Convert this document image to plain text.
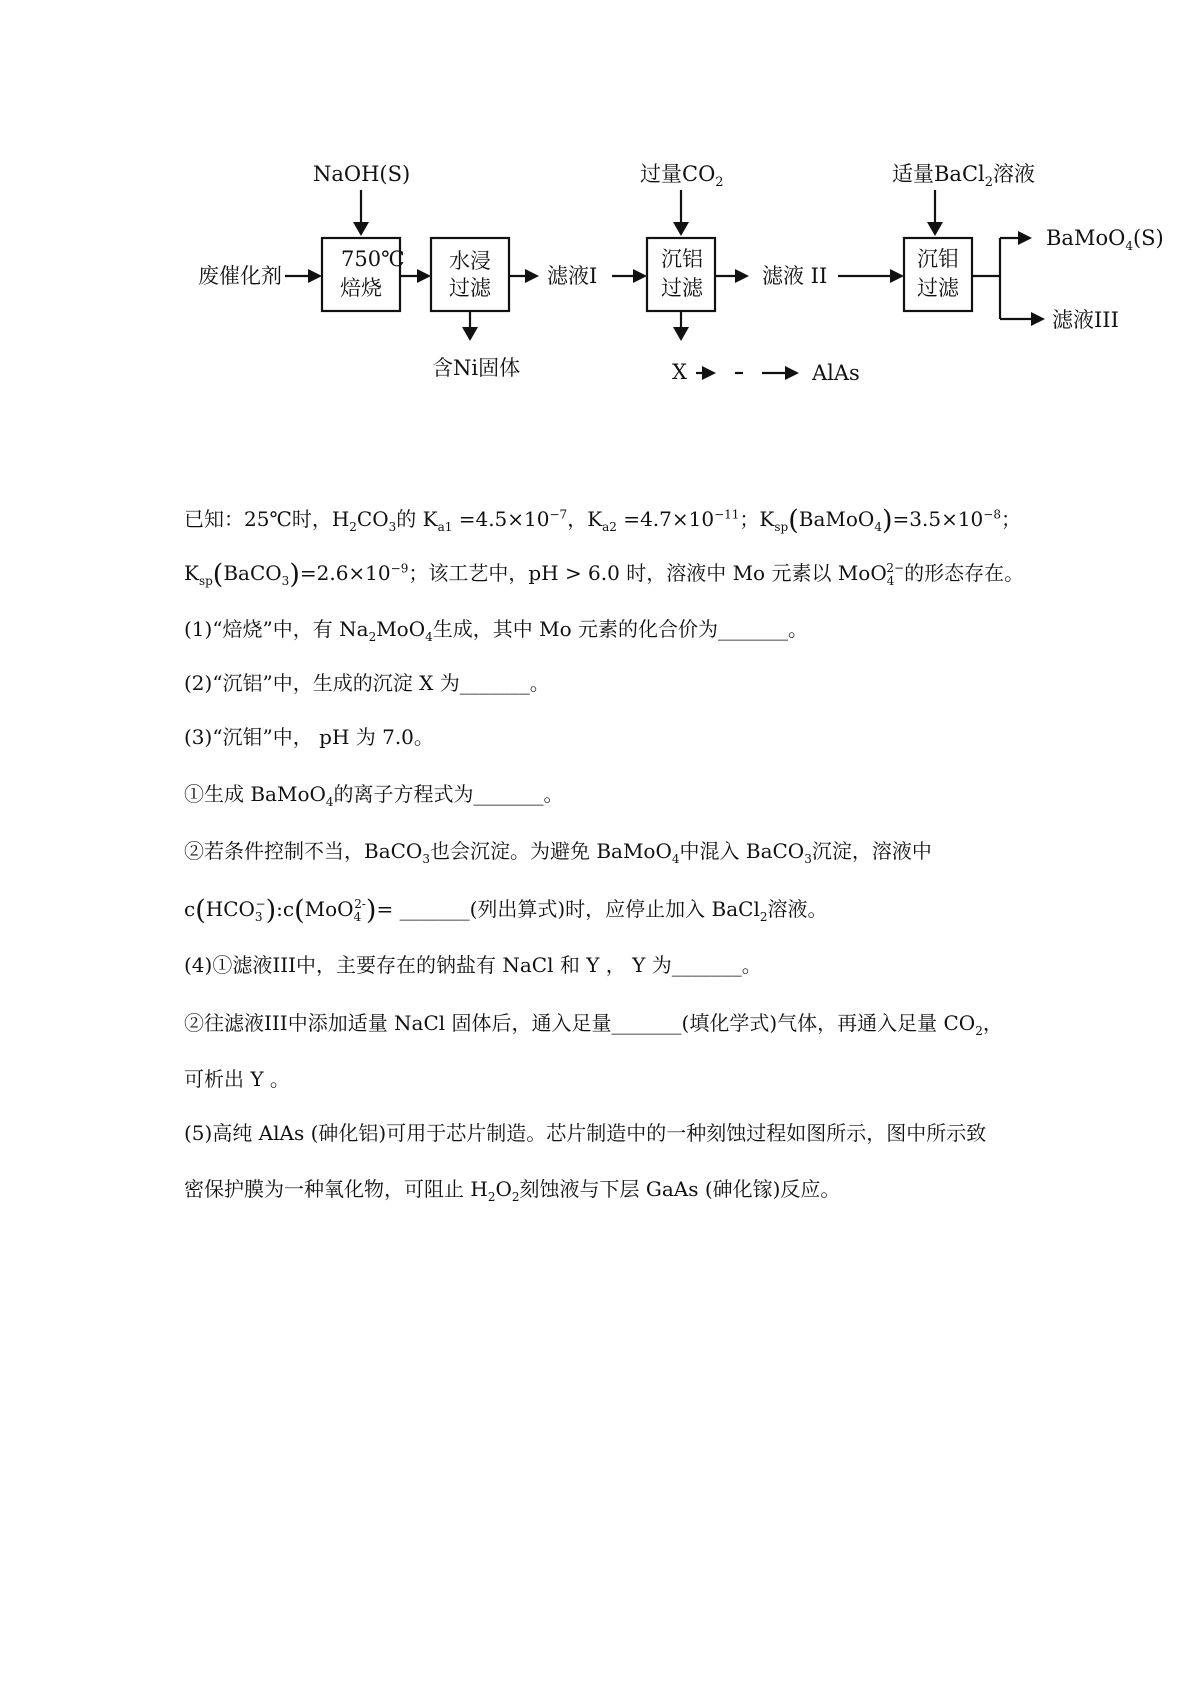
NaOH(S)	过量$CO_2$	适量BaCl$_2$溶液
废催化剂
750℃
焙烧
水浸
过滤	滤液I
沉铝
过滤	滤液 II
沉钼
过滤
BaMoO$_4$(S)
滤液III
含Ni固体	X	AlAs

已知：25℃时，$H_2CO_3$的 $K_{a1} =4.5\times 10^{-7}$，$K_{a2} =4.7\times 10^{-11}$；$K_{sp}(BaMoO_4)=3.5\times 10^{-8}$；

$K_{sp}(BaCO_3)=2.6\times 10^{-9}$；该工艺中，pH > 6.0 时，溶液中 Mo 元素以 MoO$_4^{2-}$的形态存在。

(1)“焙烧”中，有 $Na_2MoO_4$生成，其中 Mo 元素的化合价为_______。

(2)“沉铝”中，生成的沉淀 X 为_______。

(3)“沉钼”中， pH 为 7.0。

①生成 BaMoO$_4$的离子方程式为_______。

②若条件控制不当，BaCO$_3$也会沉淀。为避免 BaMoO$_4$中混入 BaCO$_3$沉淀，溶液中

$c(HCO_3^-):c(MoO_4^{2-})=$ _______(列出算式)时，应停止加入 BaCl$_2$溶液。

(4)①滤液III中，主要存在的钠盐有 NaCl 和 Y ， Y 为_______。

②往滤液III中添加适量 NaCl 固体后，通入足量_______(填化学式)气体，再通入足量 $CO_2$，

可析出 Y 。

(5)高纯 AlAs (砷化铝)可用于芯片制造。芯片制造中的一种刻蚀过程如图所示，图中所示致

密保护膜为一种氧化物，可阻止 $H_2O_2$刻蚀液与下层 GaAs (砷化镓)反应。
